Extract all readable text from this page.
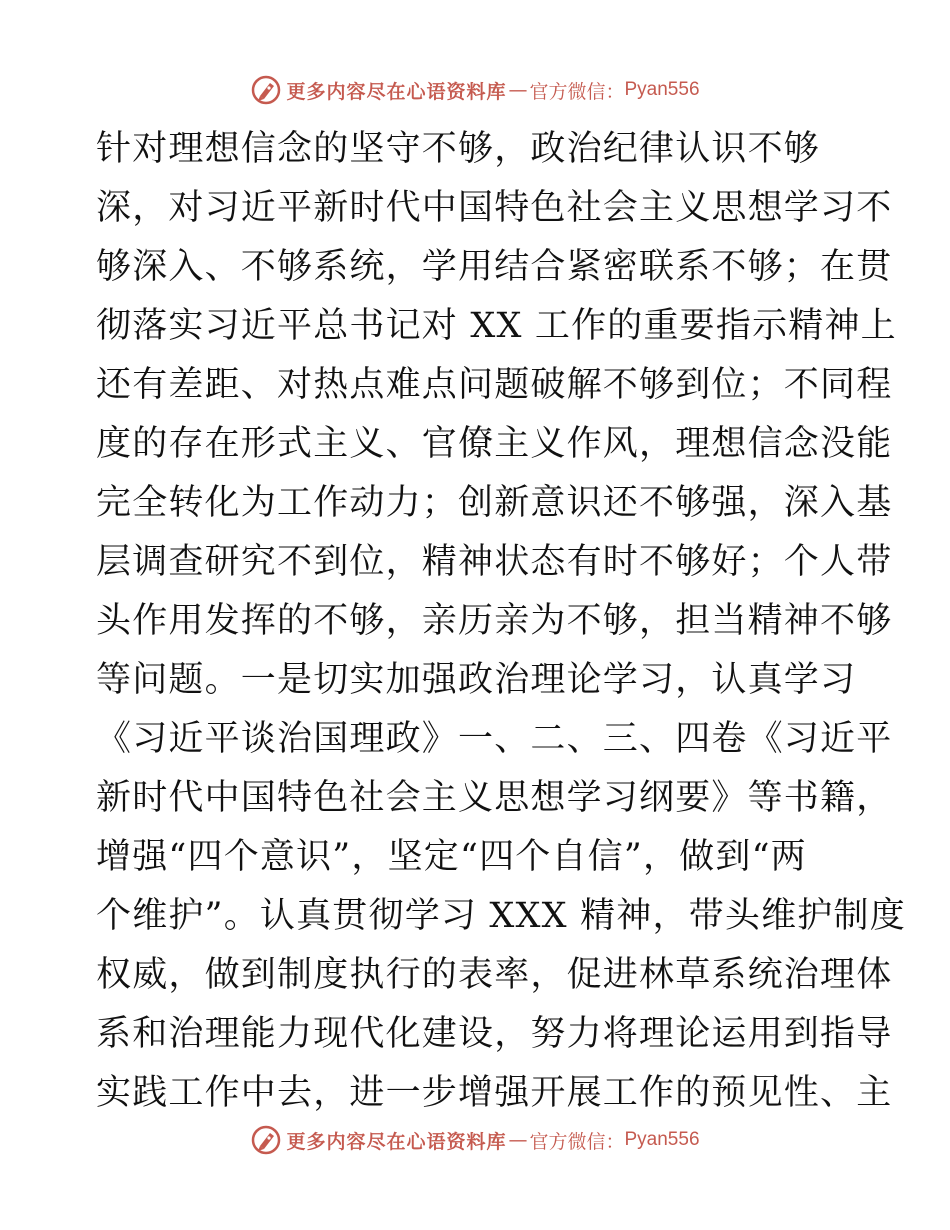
更多内容尽在心语资料库 — 官方微信： Pyan556
针对理想信念的坚守不够，政治纪律认识不够
深，对习近平新时代中国特色社会主义思想学习不
够深入、不够系统，学用结合紧密联系不够；在贯
彻落实习近平总书记对 XX 工作的重要指示精神上
还有差距、对热点难点问题破解不够到位；不同程
度的存在形式主义、官僚主义作风，理想信念没能
完全转化为工作动力；创新意识还不够强，深入基
层调查研究不到位，精神状态有时不够好；个人带
头作用发挥的不够，亲历亲为不够，担当精神不够
等问题。一是切实加强政治理论学习，认真学习
《习近平谈治国理政》一、二、三、四卷《习近平
新时代中国特色社会主义思想学习纲要》等书籍，
增强“四个意识”，坚定“四个自信”，做到“两
个维护”。认真贯彻学习 XXX 精神，带头维护制度
权威，做到制度执行的表率，促进林草系统治理体
系和治理能力现代化建设，努力将理论运用到指导
实践工作中去，进一步增强开展工作的预见性、主
更多内容尽在心语资料库 — 官方微信： Pyan556
